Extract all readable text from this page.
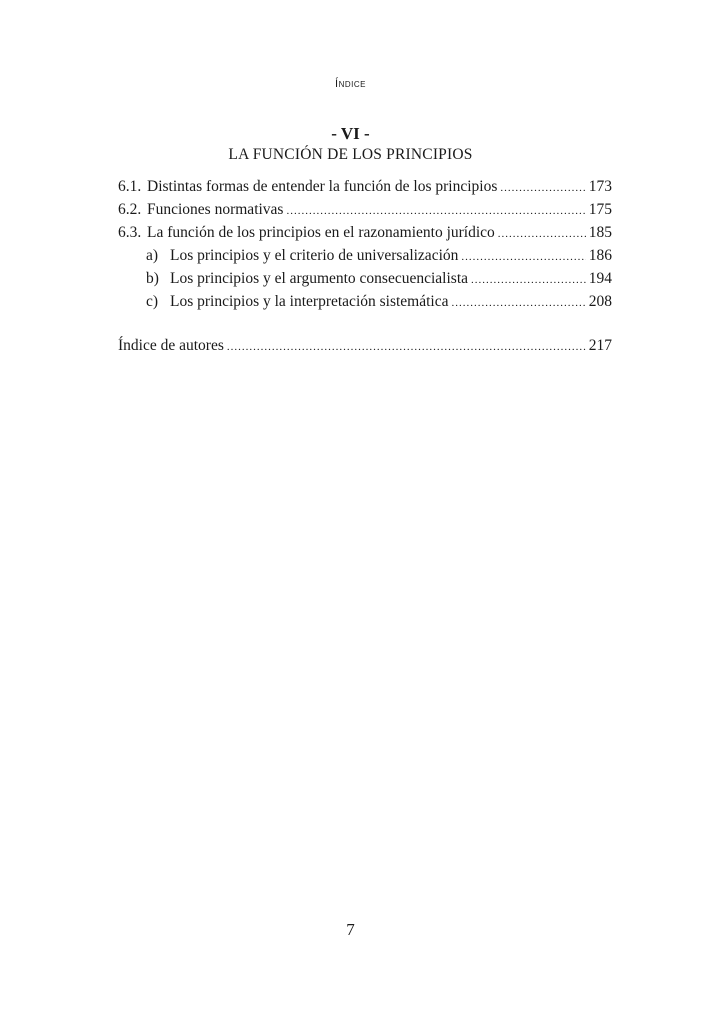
Índice
- VI -
LA FUNCIÓN DE LOS PRINCIPIOS
6.1. Distintas formas de entender la función de los principios .....	173
6.2. Funciones normativas .....	175
6.3. La función de los principios en el razonamiento jurídico .....	185
a) Los principios y el criterio de universalización .....	186
b) Los principios y el argumento consecuencialista .....	194
c) Los principios y la interpretación sistemática .....	208
Índice de autores .....	217
7
